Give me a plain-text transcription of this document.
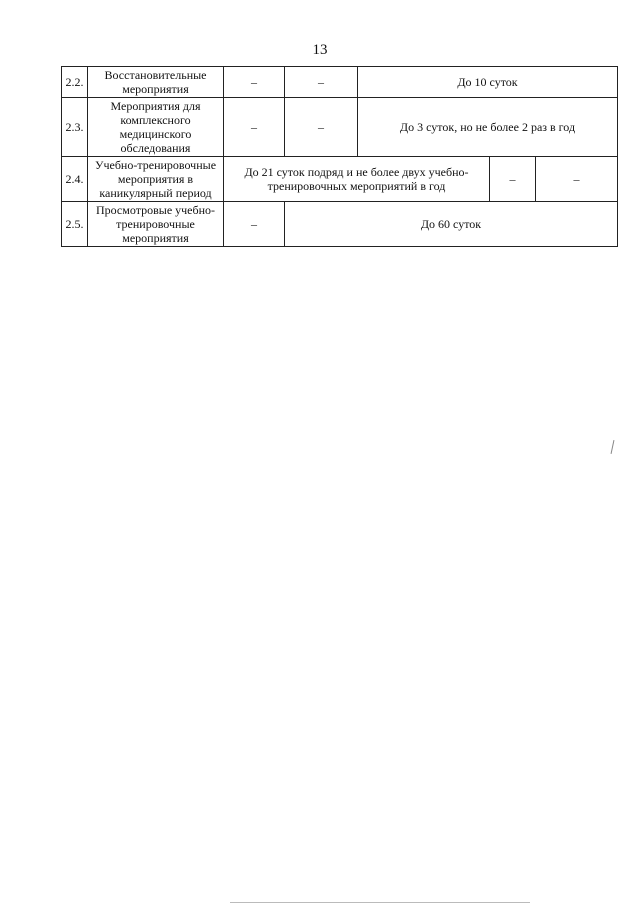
13
2.2.	Восстановительные мероприятия	–	–	До 10 суток		
2.3.	Мероприятия для комплексного медицинского обследования	–	–	До 3 суток, но не более 2 раз в год		
2.4.	Учебно-тренировочные мероприятия в каникулярный период	До 21 суток подряд и не более двух учебно-тренировочных мероприятий в год			–	–
2.5.	Просмотровые учебно-тренировочные мероприятия	–	До 60 суток			
